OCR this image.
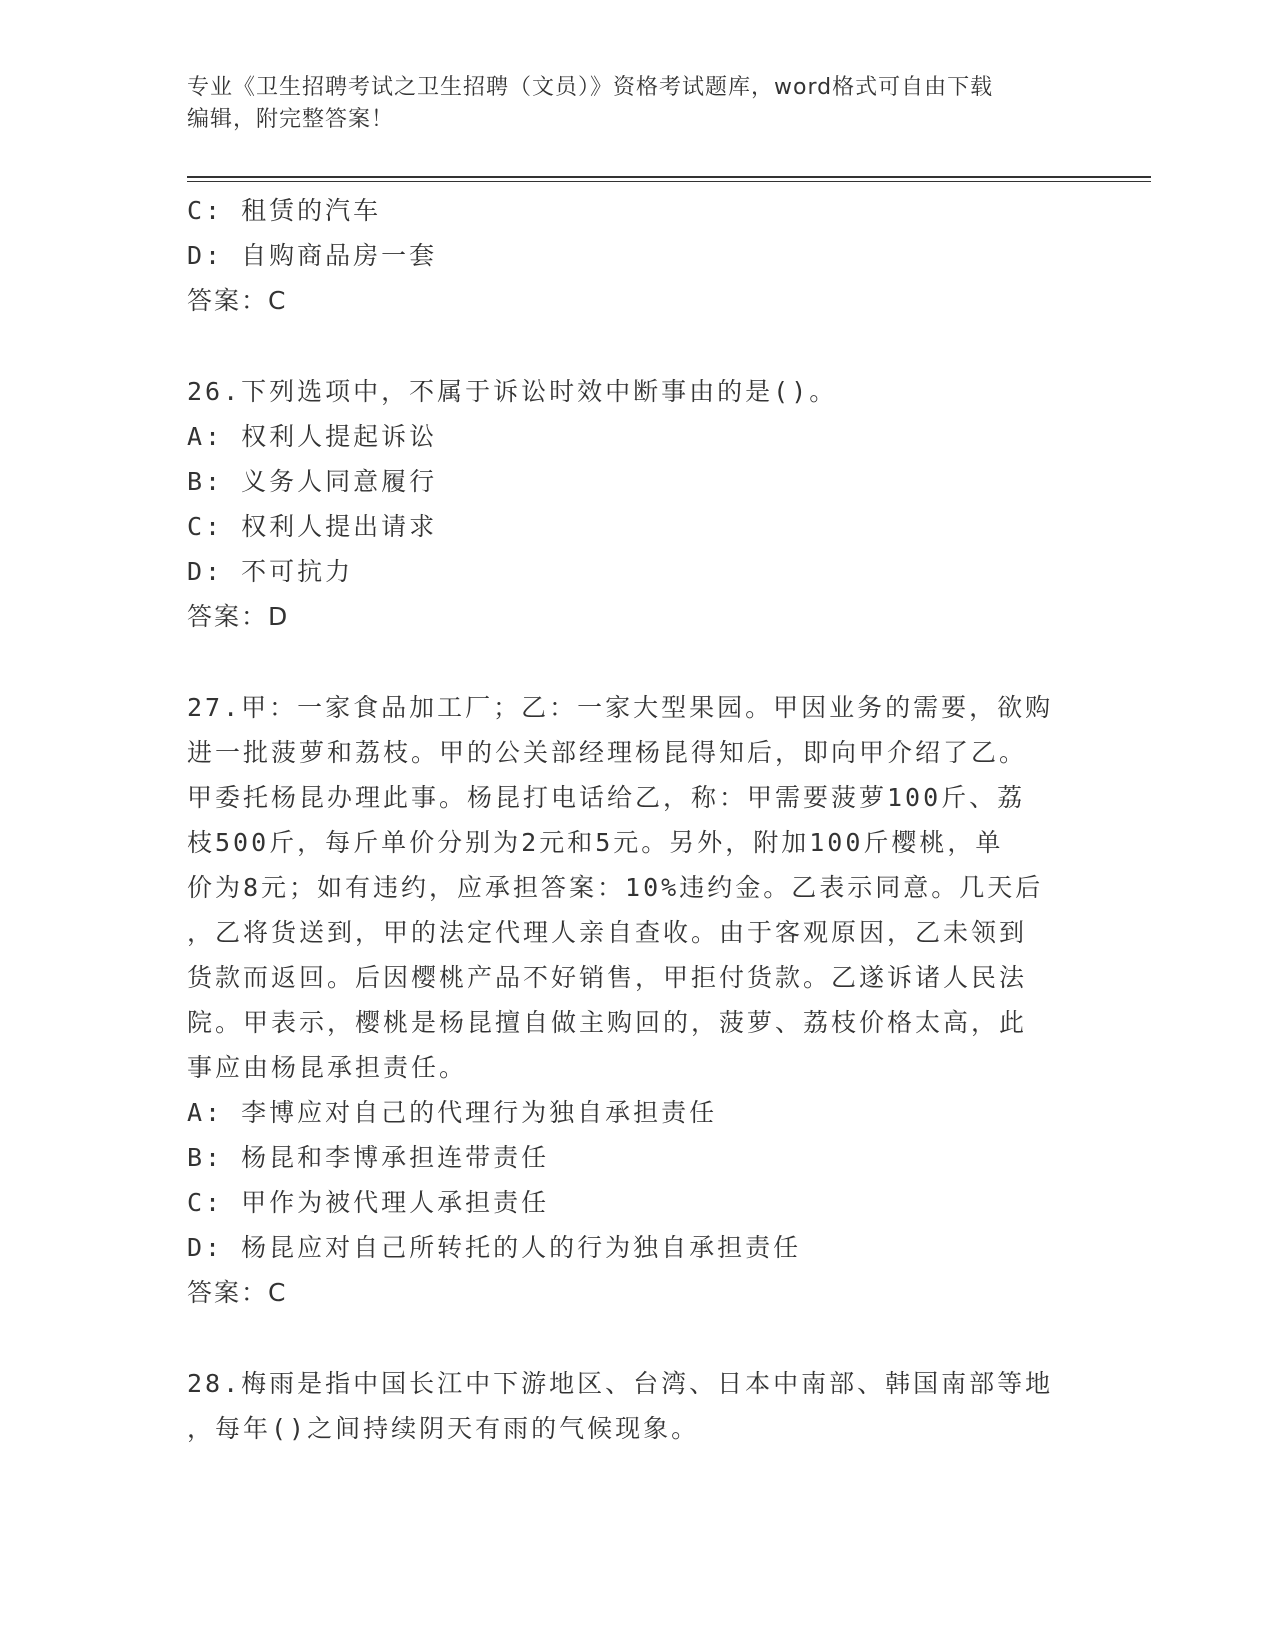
专业《卫生招聘考试之卫生招聘（文员）》资格考试题库，word格式可自由下载
编辑，附完整答案！
C: 租赁的汽车
D: 自购商品房一套
答案：C
26.下列选项中，不属于诉讼时效中断事由的是()。
A: 权利人提起诉讼
B: 义务人同意履行
C: 权利人提出请求
D: 不可抗力
答案：D
27.甲：一家食品加工厂；乙：一家大型果园。甲因业务的需要，欲购
进一批菠萝和荔枝。甲的公关部经理杨昆得知后，即向甲介绍了乙。
甲委托杨昆办理此事。杨昆打电话给乙，称：甲需要菠萝100斤、荔
枝500斤，每斤单价分别为2元和5元。另外，附加100斤樱桃，单
价为8元；如有违约，应承担答案：10%违约金。乙表示同意。几天后
，乙将货送到，甲的法定代理人亲自查收。由于客观原因，乙未领到
货款而返回。后因樱桃产品不好销售，甲拒付货款。乙遂诉诸人民法
院。甲表示，樱桃是杨昆擅自做主购回的，菠萝、荔枝价格太高，此
事应由杨昆承担责任。
A: 李博应对自己的代理行为独自承担责任
B: 杨昆和李博承担连带责任
C: 甲作为被代理人承担责任
D: 杨昆应对自己所转托的人的行为独自承担责任
答案：C
28.梅雨是指中国长江中下游地区、台湾、日本中南部、韩国南部等地
，每年()之间持续阴天有雨的气候现象。
